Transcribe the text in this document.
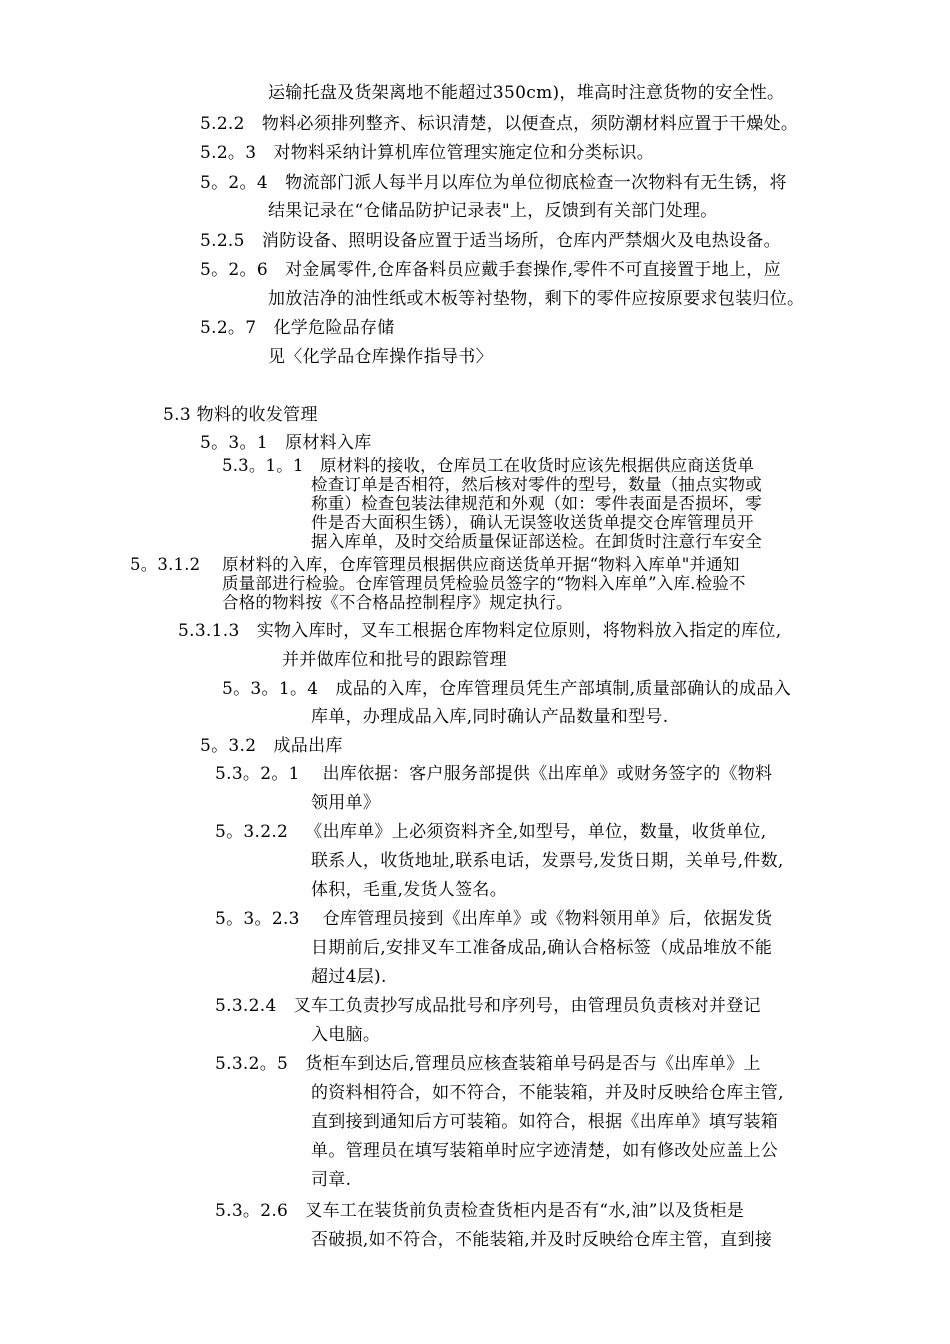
运输托盘及货架离地不能超过350cm)，堆高时注意货物的安全性。
5.2.2 物料必须排列整齐、标识清楚，以便查点，须防潮材料应置于干燥处。
5.2。3 对物料采纳计算机库位管理实施定位和分类标识。
5。2。4 物流部门派人每半月以库位为单位彻底检查一次物料有无生锈，将
结果记录在“仓储品防护记录表"上，反馈到有关部门处理。
5.2.5 消防设备、照明设备应置于适当场所，仓库内严禁烟火及电热设备。
5。2。6 对金属零件,仓库备料员应戴手套操作,零件不可直接置于地上，应
加放洁净的油性纸或木板等衬垫物，剩下的零件应按原要求包装归位。
5.2。7 化学危险品存储
见〈化学品仓库操作指导书〉
5.3 物料的收发管理
5。3。1 原材料入库
5.3。1。1 原材料的接收，仓库员工在收货时应该先根据供应商送货单
检查订单是否相符，然后核对零件的型号，数量（抽点实物或
称重）检查包装法律规范和外观（如：零件表面是否损坏，零
件是否大面积生锈），确认无误签收送货单提交仓库管理员开
据入库单，及时交给质量保证部送检。在卸货时注意行车安全
5。3.1.2 原材料的入库，仓库管理员根据供应商送货单开据“物料入库单"并通知
质量部进行检验。仓库管理员凭检验员签字的“物料入库单”入库.检验不
合格的物料按《不合格品控制程序》规定执行。
5.3.1.3 实物入库时，叉车工根据仓库物料定位原则，将物料放入指定的库位,
并并做库位和批号的跟踪管理
5。3。1。4 成品的入库，仓库管理员凭生产部填制,质量部确认的成品入
库单，办理成品入库,同时确认产品数量和型号.
5。3.2 成品出库
5.3。2。1 出库依据：客户服务部提供《出库单》或财务签字的《物料
领用单》
5。3.2.2 《出库单》上必须资料齐全,如型号，单位，数量，收货单位,
联系人，收货地址,联系电话，发票号,发货日期，关单号,件数,
体积，毛重,发货人签名。
5。3。2.3 仓库管理员接到《出库单》或《物料领用单》后，依据发货
日期前后,安排叉车工准备成品,确认合格标签（成品堆放不能
超过4层).
5.3.2.4 叉车工负责抄写成品批号和序列号，由管理员负责核对并登记
入电脑。
5.3.2。5 货柜车到达后,管理员应核查装箱单号码是否与《出库单》上
的资料相符合，如不符合，不能装箱，并及时反映给仓库主管,
直到接到通知后方可装箱。如符合，根据《出库单》填写装箱
单。管理员在填写装箱单时应字迹清楚，如有修改处应盖上公
司章.
5.3。2.6 叉车工在装货前负责检查货柜内是否有“水,油”以及货柜是
否破损,如不符合，不能装箱,并及时反映给仓库主管，直到接
